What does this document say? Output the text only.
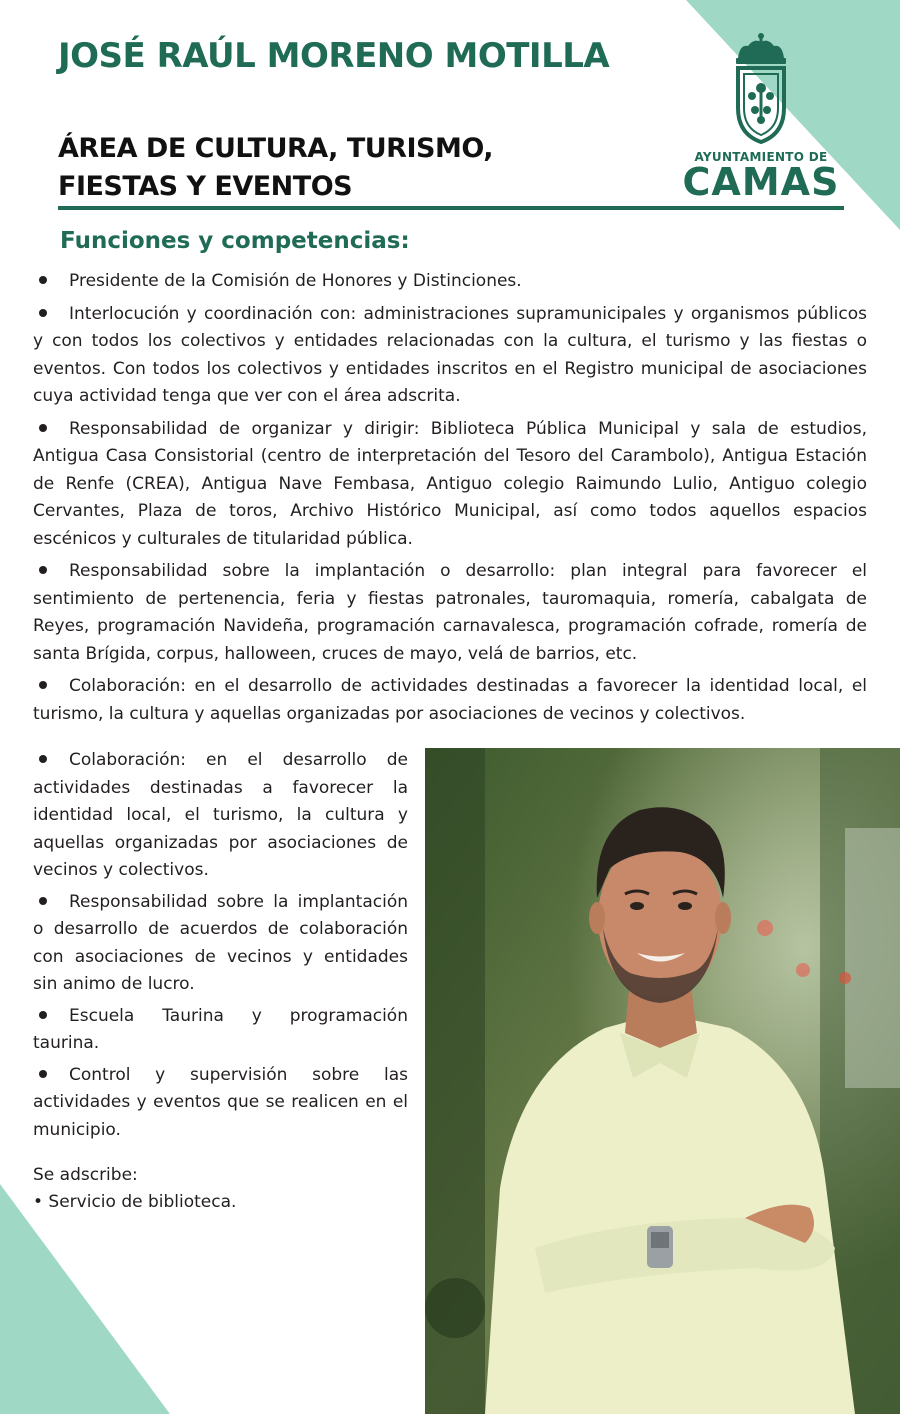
JOSÉ RAÚL MORENO MOTILLA
ÁREA DE CULTURA, TURISMO, FIESTAS Y EVENTOS
AYUNTAMIENTO DE
CAMAS
Funciones y competencias:
Presidente de la Comisión de Honores y Distinciones.
Interlocución y coordinación con: administraciones supramunicipales y organismos públicos y con todos los colectivos y entidades relacionadas con la cultura, el turismo y las fiestas o eventos. Con todos los colectivos y entidades inscritos en el Registro municipal de asociaciones cuya actividad tenga que ver con el área adscrita.
Responsabilidad de organizar y dirigir: Biblioteca Pública Municipal y sala de estudios, Antigua Casa Consistorial (centro de interpretación del Tesoro del Carambolo), Antigua Estación de Renfe (CREA), Antigua Nave Fembasa, Antiguo colegio Raimundo Lulio, Antiguo colegio Cervantes, Plaza de toros, Archivo Histórico Municipal, así como todos aquellos espacios escénicos y culturales de titularidad pública.
Responsabilidad sobre la implantación o desarrollo: plan integral para favorecer el sentimiento de pertenencia, feria y fiestas patronales, tauromaquia, romería, cabalgata de Reyes, programación Navideña, programación carnavalesca, programación cofrade, romería de santa Brígida, corpus, halloween, cruces de mayo, velá de barrios, etc.
Colaboración: en el desarrollo de actividades destinadas a favorecer la identidad local, el turismo, la cultura y aquellas organizadas por asociaciones de vecinos y colectivos.
Colaboración: en el desarrollo de actividades destinadas a favorecer la identidad local, el turismo, la cultura y aquellas organizadas por asociaciones de vecinos y colectivos.
Responsabilidad sobre la implantación o desarrollo de acuerdos de colaboración con asociaciones de vecinos y entidades sin animo de lucro.
Escuela Taurina y programación taurina.
Control y supervisión sobre las actividades y eventos que se realicen en el municipio.
Se adscribe:
• Servicio de biblioteca.
